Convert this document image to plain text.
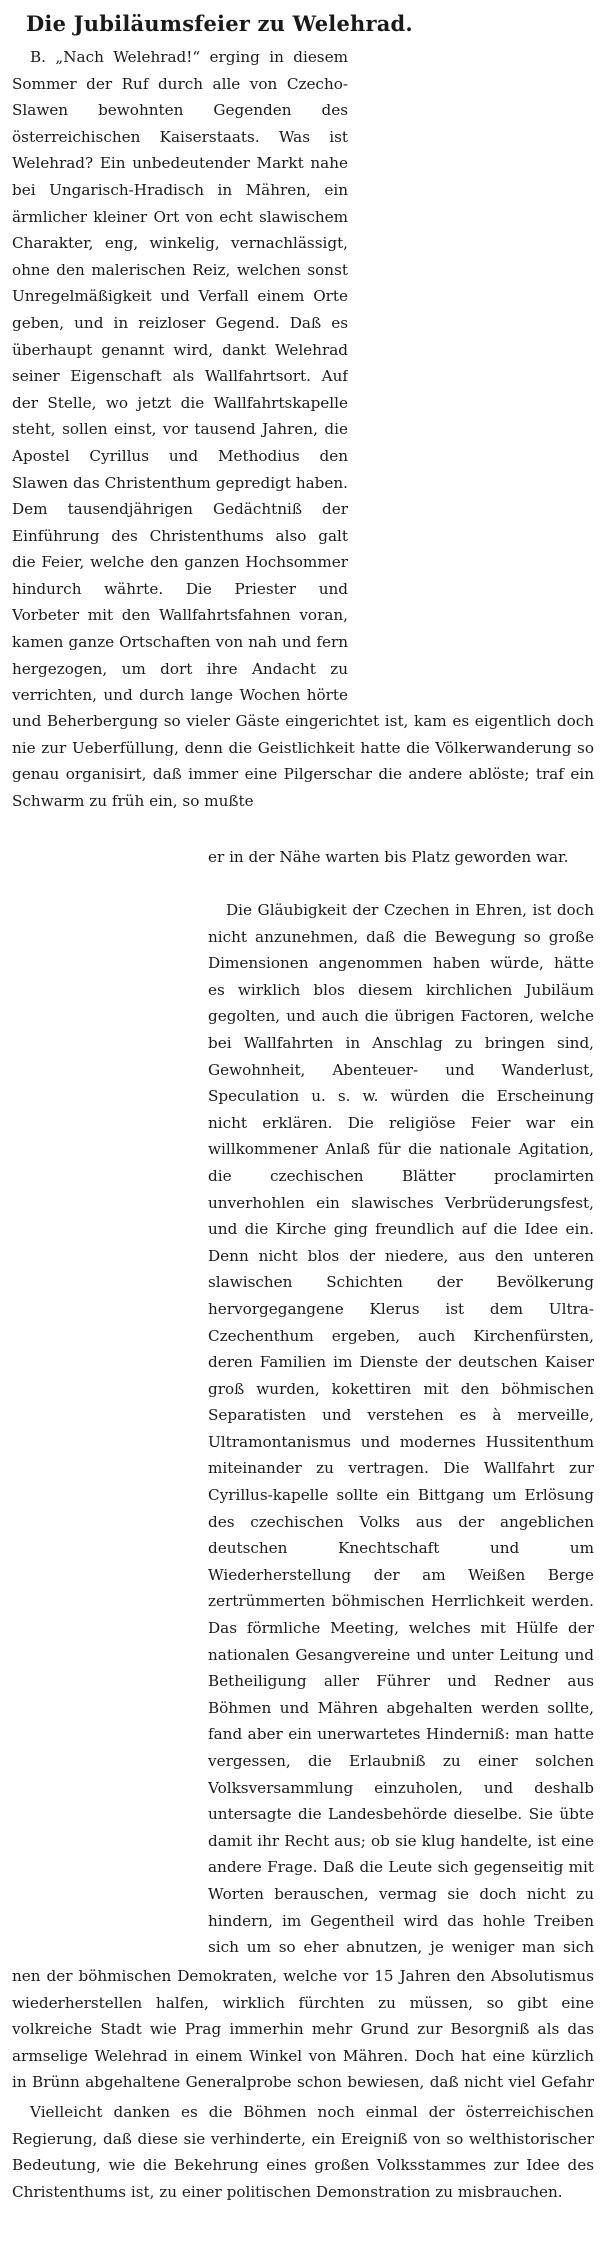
Die Jubiläumsfeier zu Welehrad.

B. „Nach Welehrad!“ erging in diesem Sommer der Ruf durch alle von Czecho-Slawen bewohnten Gegenden des österreichischen Kaiserstaats. Was ist Welehrad? Ein unbedeutender Markt nahe bei Ungarisch-Hradisch in Mähren, ein ärmlicher kleiner Ort von echt slawischem Charakter, eng, winkelig, vernachlässigt, ohne den malerischen Reiz, welchen sonst Unregelmäßigkeit und Verfall einem Orte geben, und in reizloser Gegend. Daß es überhaupt genannt wird, dankt Welehrad seiner Eigenschaft als Wallfahrtsort. Auf der Stelle, wo jetzt die Wallfahrtskapelle steht, sollen einst, vor tausend Jahren, die Apostel Cyrillus und Methodius den Slawen das Christenthum gepredigt haben. Dem tausendjährigen Gedächtniß der Einführung des Christenthums also galt die Feier, welche den ganzen Hochsommer hindurch währte. Die Priester und Vorbeter mit den Wallfahrtsfahnen voran, kamen ganze Ortschaften von nah und fern hergezogen, um dort ihre Andacht zu verrichten, und durch lange Wochen hörte

und Beherbergung so vieler Gäste eingerichtet ist, kam es eigentlich doch nie zur Ueberfüllung, denn die Geistlichkeit hatte die Völkerwanderung so genau organisirt, daß immer eine Pilgerschar die andere ablöste; traf ein Schwarm zu früh ein, so mußte

er in der Nähe warten bis Platz geworden war.

Die Gläubigkeit der Czechen in Ehren, ist doch nicht anzunehmen, daß die Bewegung so große Dimensionen angenommen haben würde, hätte es wirklich blos diesem kirchlichen Jubiläum gegolten, und auch die übrigen Factoren, welche bei Wallfahrten in Anschlag zu bringen sind, Gewohnheit, Abenteuer- und Wanderlust, Speculation u. s. w. würden die Erscheinung nicht erklären. Die religiöse Feier war ein willkommener Anlaß für die nationale Agitation, die czechischen Blätter proclamirten unverhohlen ein slawisches Verbrüderungsfest, und die Kirche ging freundlich auf die Idee ein. Denn nicht blos der niedere, aus den unteren slawischen Schichten der Bevölkerung hervorgegangene Klerus ist dem Ultra-Czechenthum ergeben, auch Kirchenfürsten, deren Familien im Dienste der deutschen Kaiser groß wurden, kokettiren mit den böhmischen Separatisten und verstehen es à merveille, Ultramontanismus und modernes Hussitenthum miteinander zu vertragen. Die Wallfahrt zur Cyrillus-kapelle sollte ein Bittgang um Erlösung des czechischen Volks aus der angeblichen deutschen Knechtschaft und um Wiederherstellung der am Weißen Berge zertrümmerten böhmischen Herrlichkeit werden. Das förmliche Meeting, welches mit Hülfe der nationalen Gesangvereine und unter Leitung und Betheiligung aller Führer und Redner aus Böhmen und Mähren abgehalten werden sollte, fand aber ein unerwartetes Hinderniß: man hatte vergessen, die Erlaubniß zu einer solchen Volksversammlung einzuholen, und deshalb untersagte die Landesbehörde dieselbe. Sie übte damit ihr Recht aus; ob sie klug handelte, ist eine andere Frage. Daß die Leute sich gegenseitig mit Worten berauschen, vermag sie doch nicht zu hindern, im Gegentheil wird das hohle Treiben sich um so eher abnutzen, je weniger man sich

nen der böhmischen Demokraten, welche vor 15 Jahren den Absolutismus wiederherstellen halfen, wirklich fürchten zu müssen, so gibt eine volkreiche Stadt wie Prag immerhin mehr Grund zur Besorgniß als das armselige Welehrad in einem Winkel von Mähren. Doch hat eine kürzlich in Brünn abgehaltene Generalprobe schon bewiesen, daß nicht viel Gefahr

Vielleicht danken es die Böhmen noch einmal der österreichischen Regierung, daß diese sie verhinderte, ein Ereigniß von so welthistorischer Bedeutung, wie die Bekehrung eines großen Volksstammes zur Idee des Christenthums ist, zu einer politischen Demonstration zu misbrauchen.
